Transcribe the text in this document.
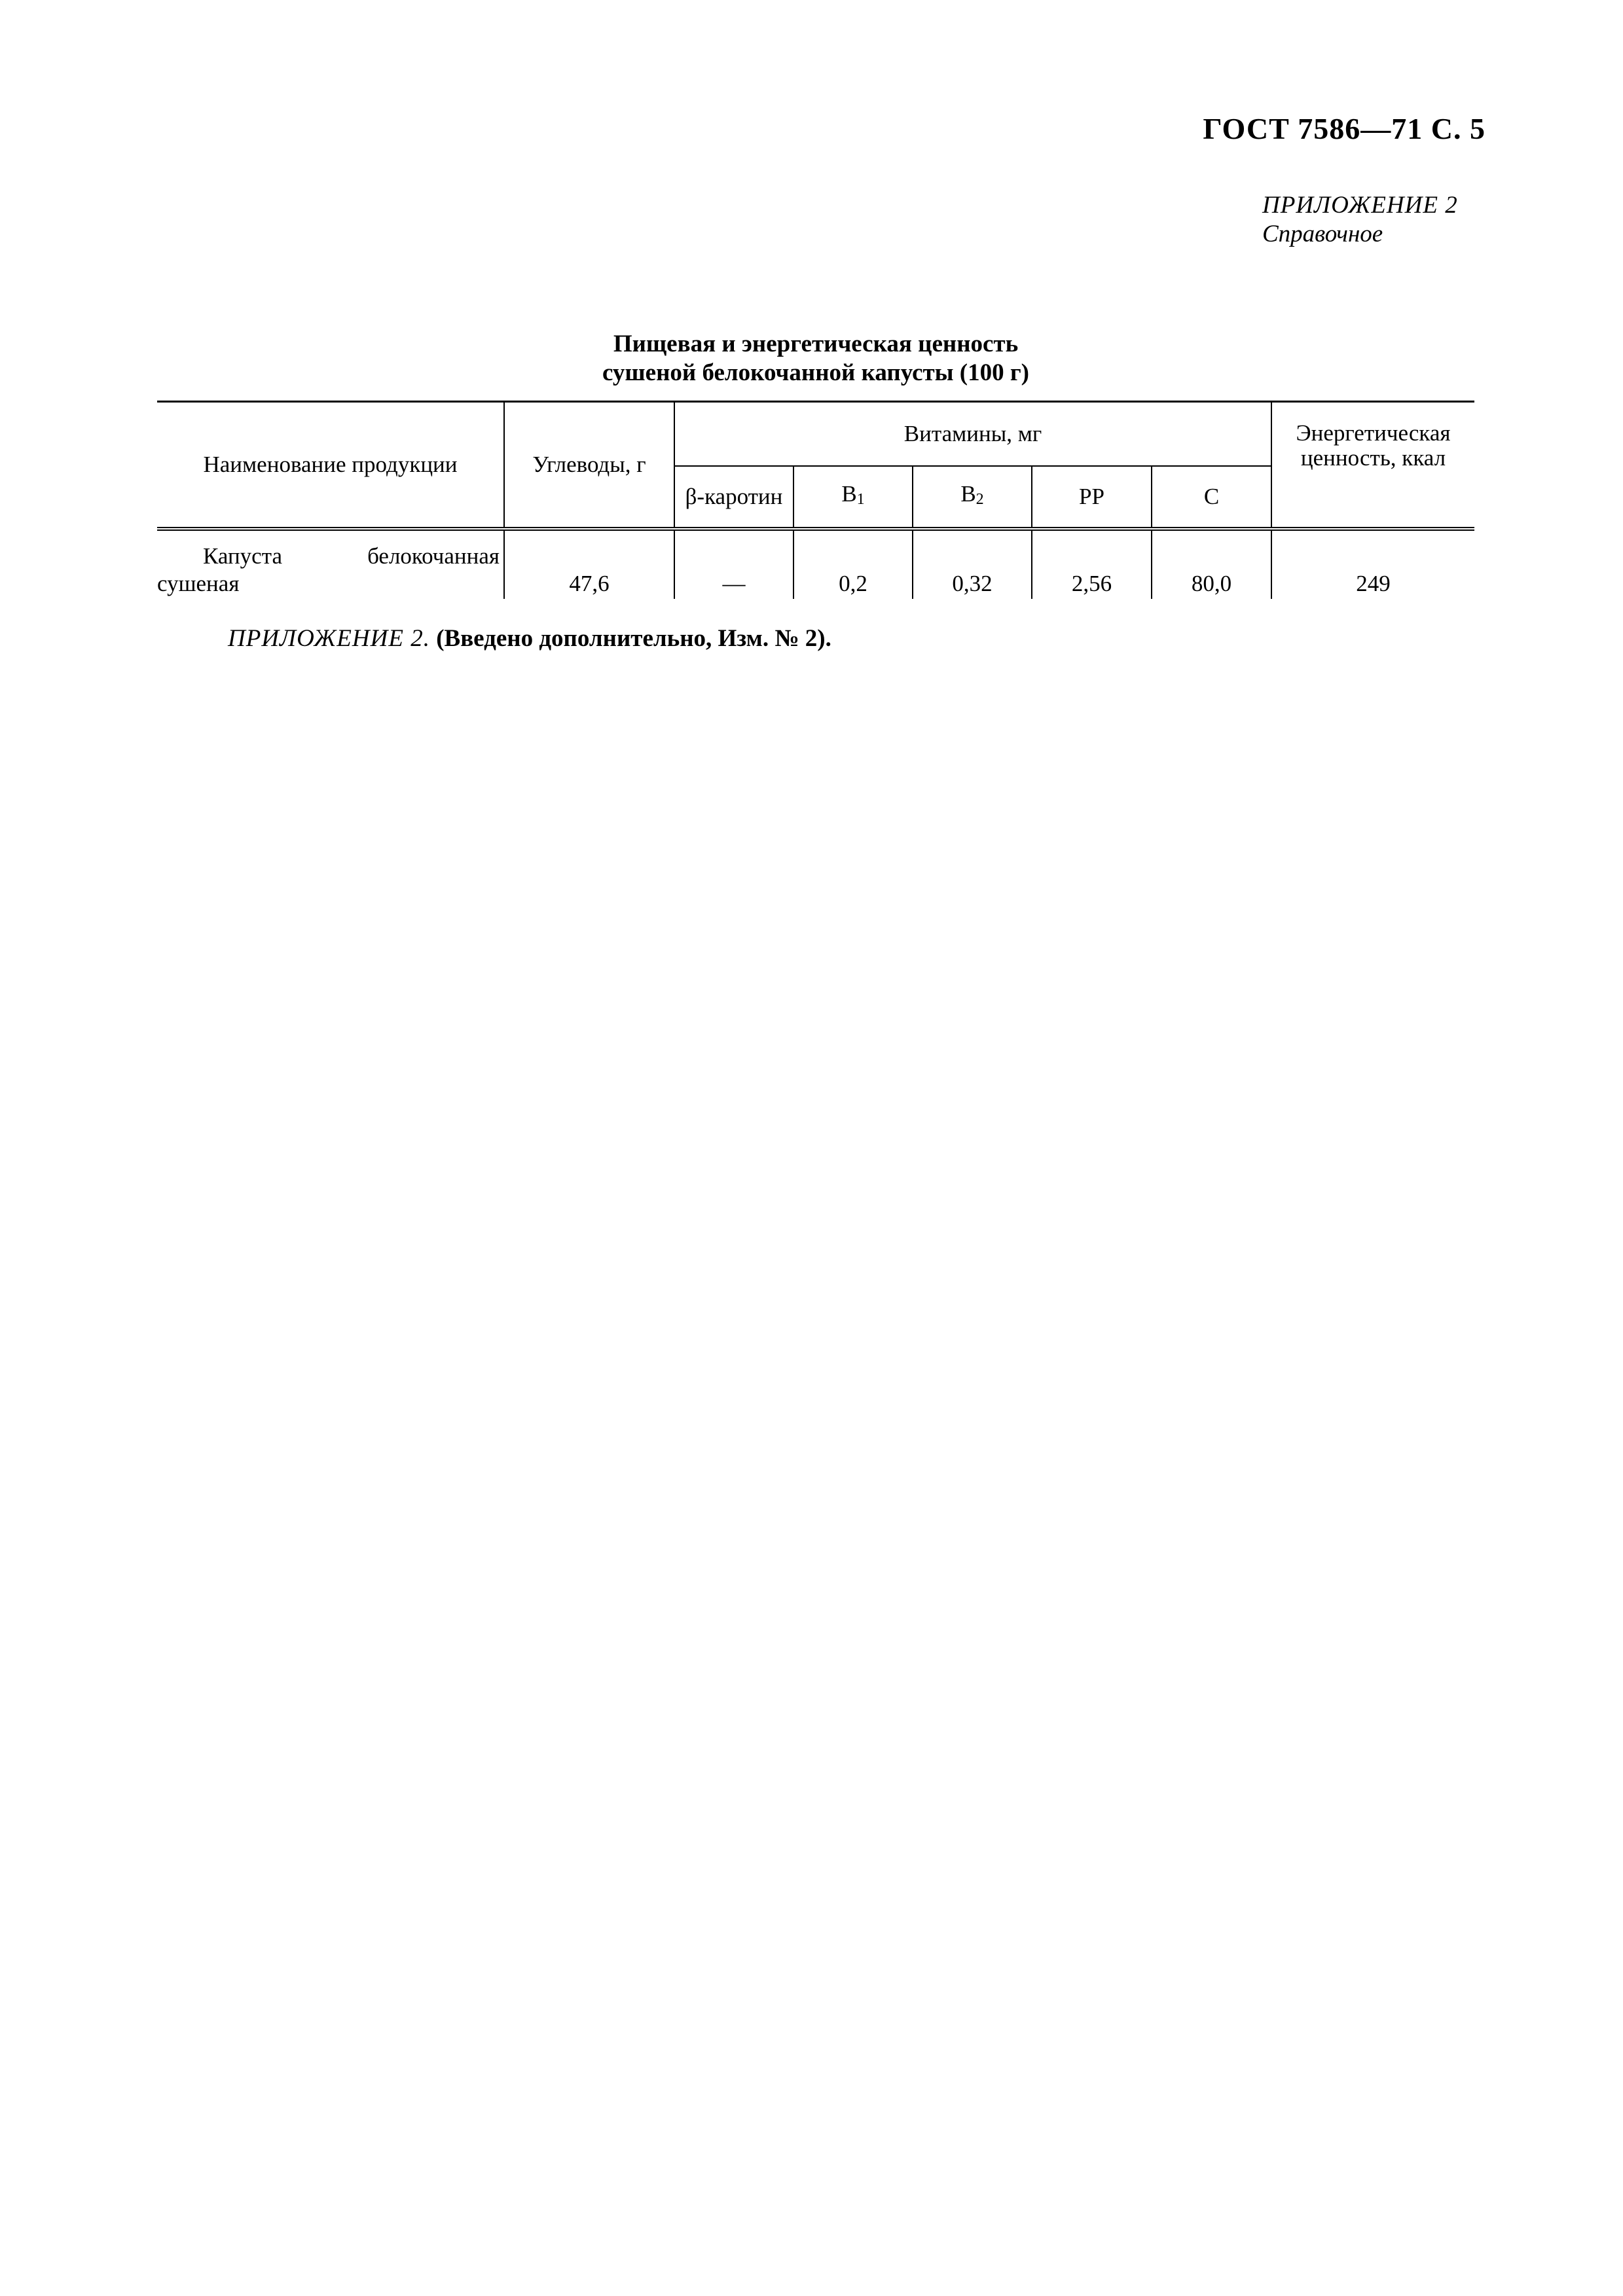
ГОСТ 7586—71 С. 5
ПРИЛОЖЕНИЕ 2
Справочное
Пищевая и энергетическая ценность
сушеной белокочанной капусты (100 г)
Наименование продукции	Углеводы, г	Витамины, мг					Энергетическая ценность, ккал
		β-каротин	$В_1$	$В_2$	РР	С	

Капуста белокочанная
сушеная	47,6	—	0,2	0,32	2,56	80,0	249
ПРИЛОЖЕНИЕ 2. (Введено дополнительно, Изм. № 2).
